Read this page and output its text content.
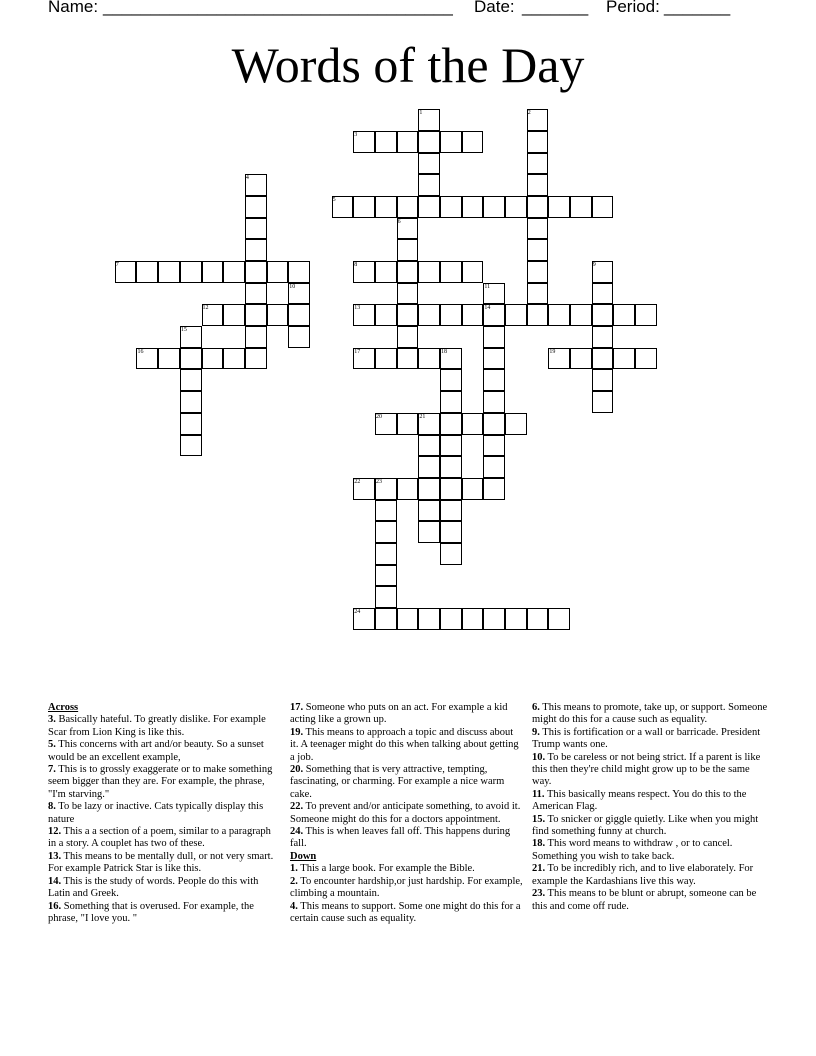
Name: _____________________________________ Date: _______ Period: _______
Words of the Day
1	2
3
4
5
6
7	8	9
10	11
12	13	14
15
16	17	18	19
20	21
22	23
24

Across

3. Basically hateful. To greatly dislike. For example Scar from Lion King is like this.

5. This concerns with art and/or beauty. So a sunset would be an excellent example,

7. This is to grossly exaggerate or to make something seem bigger than they are. For example, the phrase, "I'm starving."

8. To be lazy or inactive. Cats typically display this nature

12. This a a section of a poem, similar to a paragraph in a story. A couplet has two of these.

13. This means to be mentally dull, or not very smart. For example Patrick Star is like this.

14. This is the study of words. People do this with Latin and Greek.

16. Something that is overused. For example, the phrase, "I love you. "

17. Someone who puts on an act. For example a kid acting like a grown up.

19. This means to approach a topic and discuss about it. A teenager might do this when talking about getting a job.

20. Something that is very attractive, tempting, fascinating, or charming. For example a nice warm cake.

22. To prevent and/or anticipate something, to avoid it. Someone might do this for a doctors appointment.

24. This is when leaves fall off. This happens during fall.

Down

1. This a large book. For example the Bible.

2. To encounter hardship,or just hardship. For example, climbing a mountain.

4. This means to support. Some one might do this for a certain cause such as equality.

6. This means to promote, take up, or support. Someone might do this for a cause such as equality.

9. This is fortification or a wall or barricade. President Trump wants one.

10. To be careless or not being strict. If a parent is like this then they're child might grow up to be the same way.

11. This basically means respect. You do this to the American Flag.

15. To snicker or giggle quietly. Like when you might find something funny at church.

18. This word means to withdraw , or to cancel. Something you wish to take back.

21. To be incredibly rich, and to live elaborately. For example the Kardashians live this way.

23. This means to be blunt or abrupt, someone can be this and come off rude.
